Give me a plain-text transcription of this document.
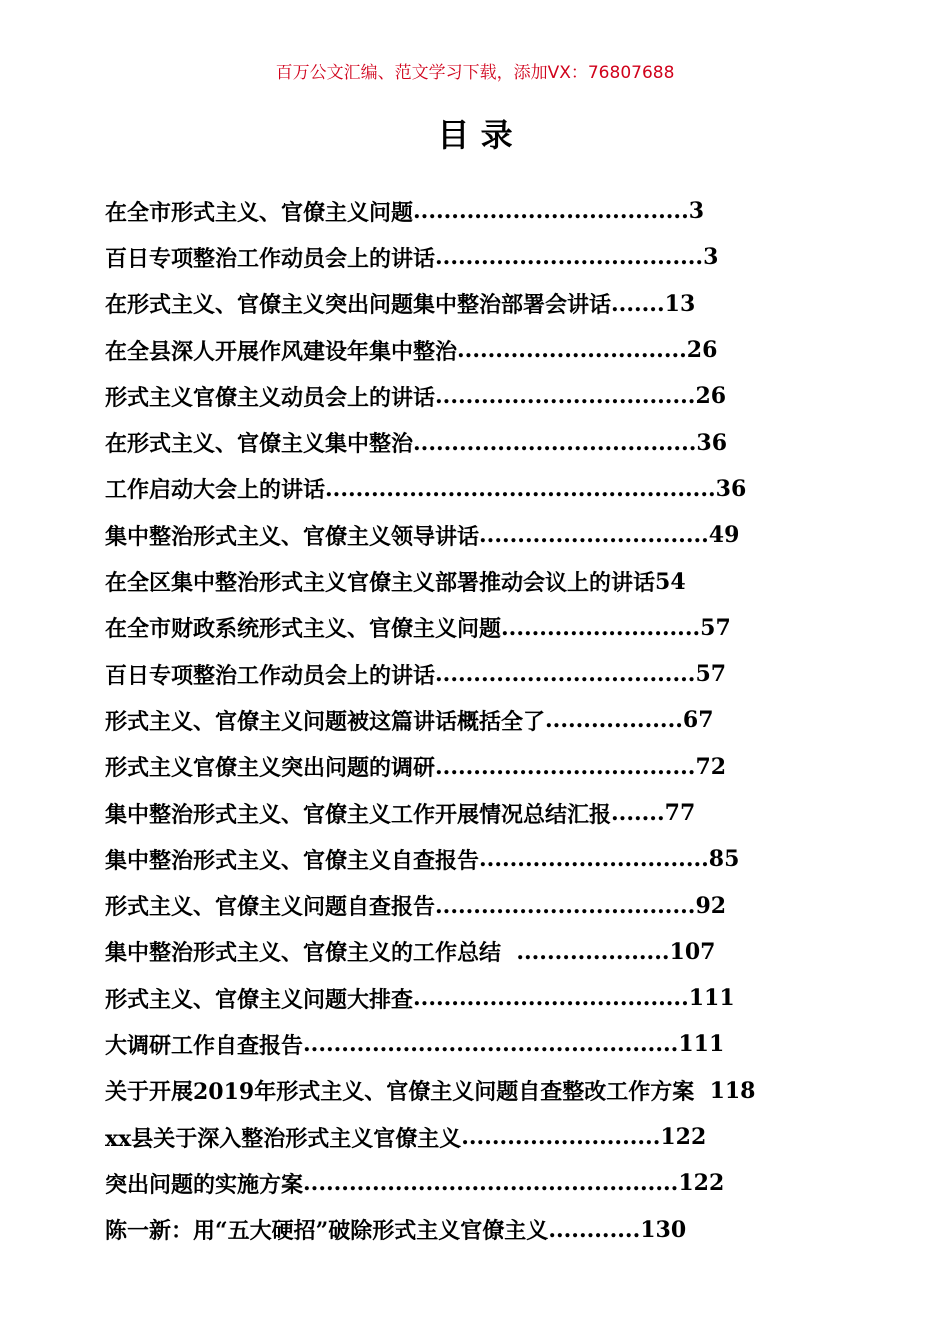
百万公文汇编、范文学习下载，添加VX：76807688
目 录
在全市形式主义、官僚主义问题 .................................... 3
百日专项整治工作动员会上的讲话 ................................... 3
在形式主义、官僚主义突出问题集中整治部署会讲话 ....... 13
在全县深人开展作风建设年集中整治 .............................. 26
形式主义官僚主义动员会上的讲话 .................................. 26
在形式主义、官僚主义集中整治 ..................................... 36
工作启动大会上的讲话 ................................................... 36
集中整治形式主义、官僚主义领导讲话 .............................. 49
在全区集中整治形式主义官僚主义部署推动会议上的讲话 54
在全市财政系统形式主义、官僚主义问题 .......................... 57
百日专项整治工作动员会上的讲话 .................................. 57
形式主义、官僚主义问题被这篇讲话概括全了 .................. 67
形式主义官僚主义突出问题的调研 .................................. 72
集中整治形式主义、官僚主义工作开展情况总结汇报 ....... 77
集中整治形式主义、官僚主义自查报告 .............................. 85
形式主义、官僚主义问题自查报告 .................................. 92
集中整治形式主义、官僚主义的工作总结 .................... 107
形式主义、官僚主义问题大排查 .................................... 111
大调研工作自查报告 ................................................. 111
关于开展2019年形式主义、官僚主义问题自查整改工作方案
118
xx县关于深入整治形式主义官僚主义 .......................... 122
突出问题的实施方案 ................................................. 122
陈一新：用“五大硬招”破除形式主义官僚主义 ............ 130
